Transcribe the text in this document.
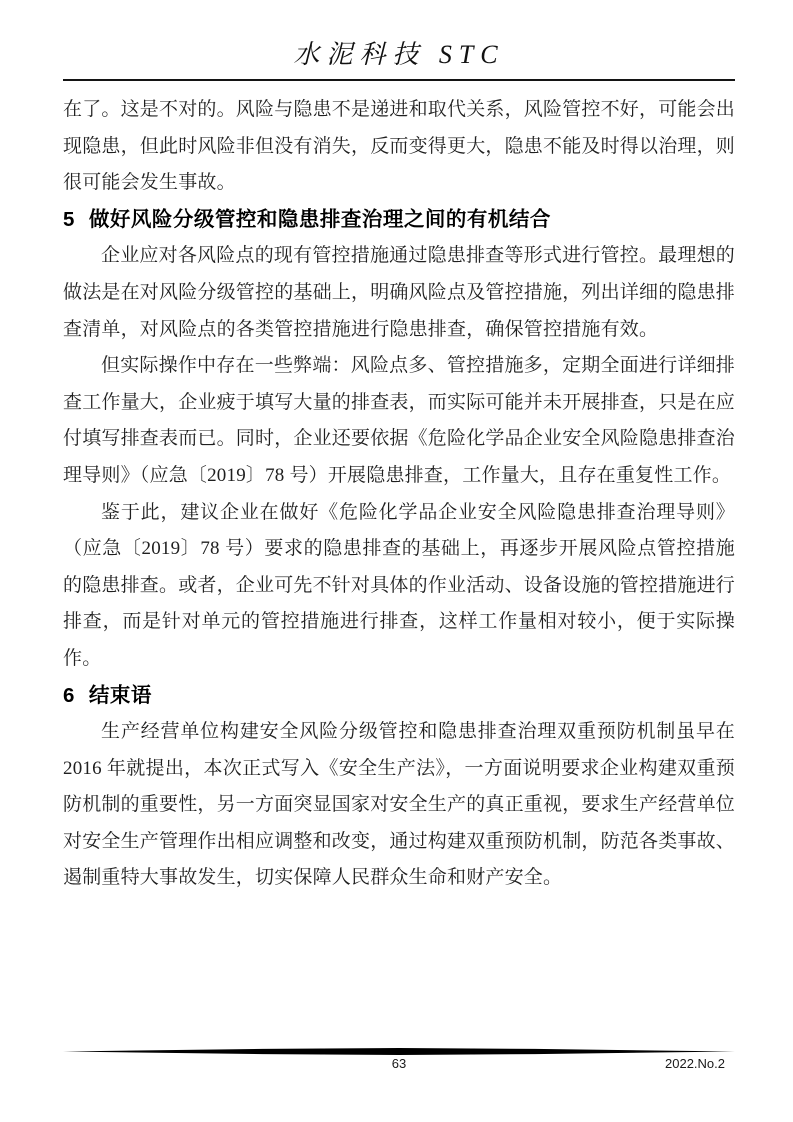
水泥科技 STC

在了。这是不对的。风险与隐患不是递进和取代关系，风险管控不好，可能会出现隐患，但此时风险非但没有消失，反而变得更大，隐患不能及时得以治理，则很可能会发生事故。

5 做好风险分级管控和隐患排查治理之间的有机结合

企业应对各风险点的现有管控措施通过隐患排查等形式进行管控。最理想的做法是在对风险分级管控的基础上，明确风险点及管控措施，列出详细的隐患排查清单，对风险点的各类管控措施进行隐患排查，确保管控措施有效。

但实际操作中存在一些弊端：风险点多、管控措施多，定期全面进行详细排查工作量大，企业疲于填写大量的排查表，而实际可能并未开展排查，只是在应付填写排查表而已。同时，企业还要依据《危险化学品企业安全风险隐患排查治理导则》（应急〔2019〕78 号）开展隐患排查，工作量大，且存在重复性工作。

鉴于此，建议企业在做好《危险化学品企业安全风险隐患排查治理导则》（应急〔2019〕78 号）要求的隐患排查的基础上，再逐步开展风险点管控措施的隐患排查。或者，企业可先不针对具体的作业活动、设备设施的管控措施进行排查，而是针对单元的管控措施进行排查，这样工作量相对较小，便于实际操作。

6 结束语

生产经营单位构建安全风险分级管控和隐患排查治理双重预防机制虽早在2016 年就提出，本次正式写入《安全生产法》，一方面说明要求企业构建双重预防机制的重要性，另一方面突显国家对安全生产的真正重视，要求生产经营单位对安全生产管理作出相应调整和改变，通过构建双重预防机制，防范各类事故、遏制重特大事故发生，切实保障人民群众生命和财产安全。

63	2022.No.2
